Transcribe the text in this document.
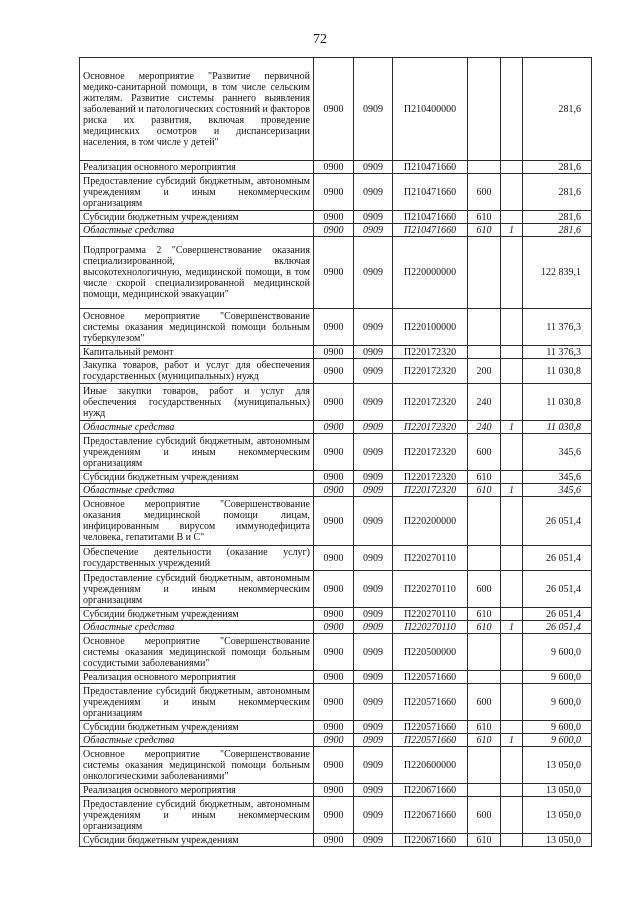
72
Основное мероприятие "Развитие первичной медико-санитарной помощи, в том числе сельским жителям. Развитие системы раннего выявления заболеваний и патологических состояний и факторов риска их развития, включая проведение медицинских осмотров и диспансеризации населения, в том числе у детей"	0900	0909	П210400000			281,6
Реализация основного мероприятия	0900	0909	П210471660			281,6
Предоставление субсидий бюджетным, автономным учреждениям и иным некоммерческим организациям	0900	0909	П210471660	600		281,6
Субсидии бюджетным учреждениям	0900	0909	П210471660	610		281,6
Областные средства	0900	0909	П210471660	610	1	281,6
Подпрограмма 2 "Совершенствование оказания специализированной, включая высокотехнологичную, медицинской помощи, в том числе скорой специализированной медицинской помощи, медицинской эвакуации"	0900	0909	П220000000			122 839,1
Основное мероприятие "Совершенствование системы оказания медицинской помощи больным туберкулезом"	0900	0909	П220100000			11 376,3
Капитальный ремонт	0900	0909	П220172320			11 376,3
Закупка товаров, работ и услуг для обеспечения государственных (муниципальных) нужд	0900	0909	П220172320	200		11 030,8
Иные закупки товаров, работ и услуг для обеспечения государственных (муниципальных) нужд	0900	0909	П220172320	240		11 030,8
Областные средства	0900	0909	П220172320	240	1	11 030,8
Предоставление субсидий бюджетным, автономным учреждениям и иным некоммерческим организациям	0900	0909	П220172320	600		345,6
Субсидии бюджетным учреждениям	0900	0909	П220172320	610		345,6
Областные средства	0900	0909	П220172320	610	1	345,6
Основное мероприятие "Совершенствование оказания медицинской помощи лицам, инфицированным вирусом иммунодефицита человека, гепатитами В и С"	0900	0909	П220200000			26 051,4
Обеспечение деятельности (оказание услуг) государственных учреждений	0900	0909	П220270110			26 051,4
Предоставление субсидий бюджетным, автономным учреждениям и иным некоммерческим организациям	0900	0909	П220270110	600		26 051,4
Субсидии бюджетным учреждениям	0900	0909	П220270110	610		26 051,4
Областные средства	0900	0909	П220270110	610	1	26 051,4
Основное мероприятие "Совершенствование системы оказания медицинской помощи больным сосудистыми заболеваниями"	0900	0909	П220500000			9 600,0
Реализация основного мероприятия	0900	0909	П220571660			9 600,0
Предоставление субсидий бюджетным, автономным учреждениям и иным некоммерческим организациям	0900	0909	П220571660	600		9 600,0
Субсидии бюджетным учреждениям	0900	0909	П220571660	610		9 600,0
Областные средства	0900	0909	П220571660	610	1	9 600,0
Основное мероприятие "Совершенствование системы оказания медицинской помощи больным онкологическими заболеваниями"	0900	0909	П220600000			13 050,0
Реализация основного мероприятия	0900	0909	П220671660			13 050,0
Предоставление субсидий бюджетным, автономным учреждениям и иным некоммерческим организациям	0900	0909	П220671660	600		13 050,0
Субсидии бюджетным учреждениям	0900	0909	П220671660	610		13 050,0
